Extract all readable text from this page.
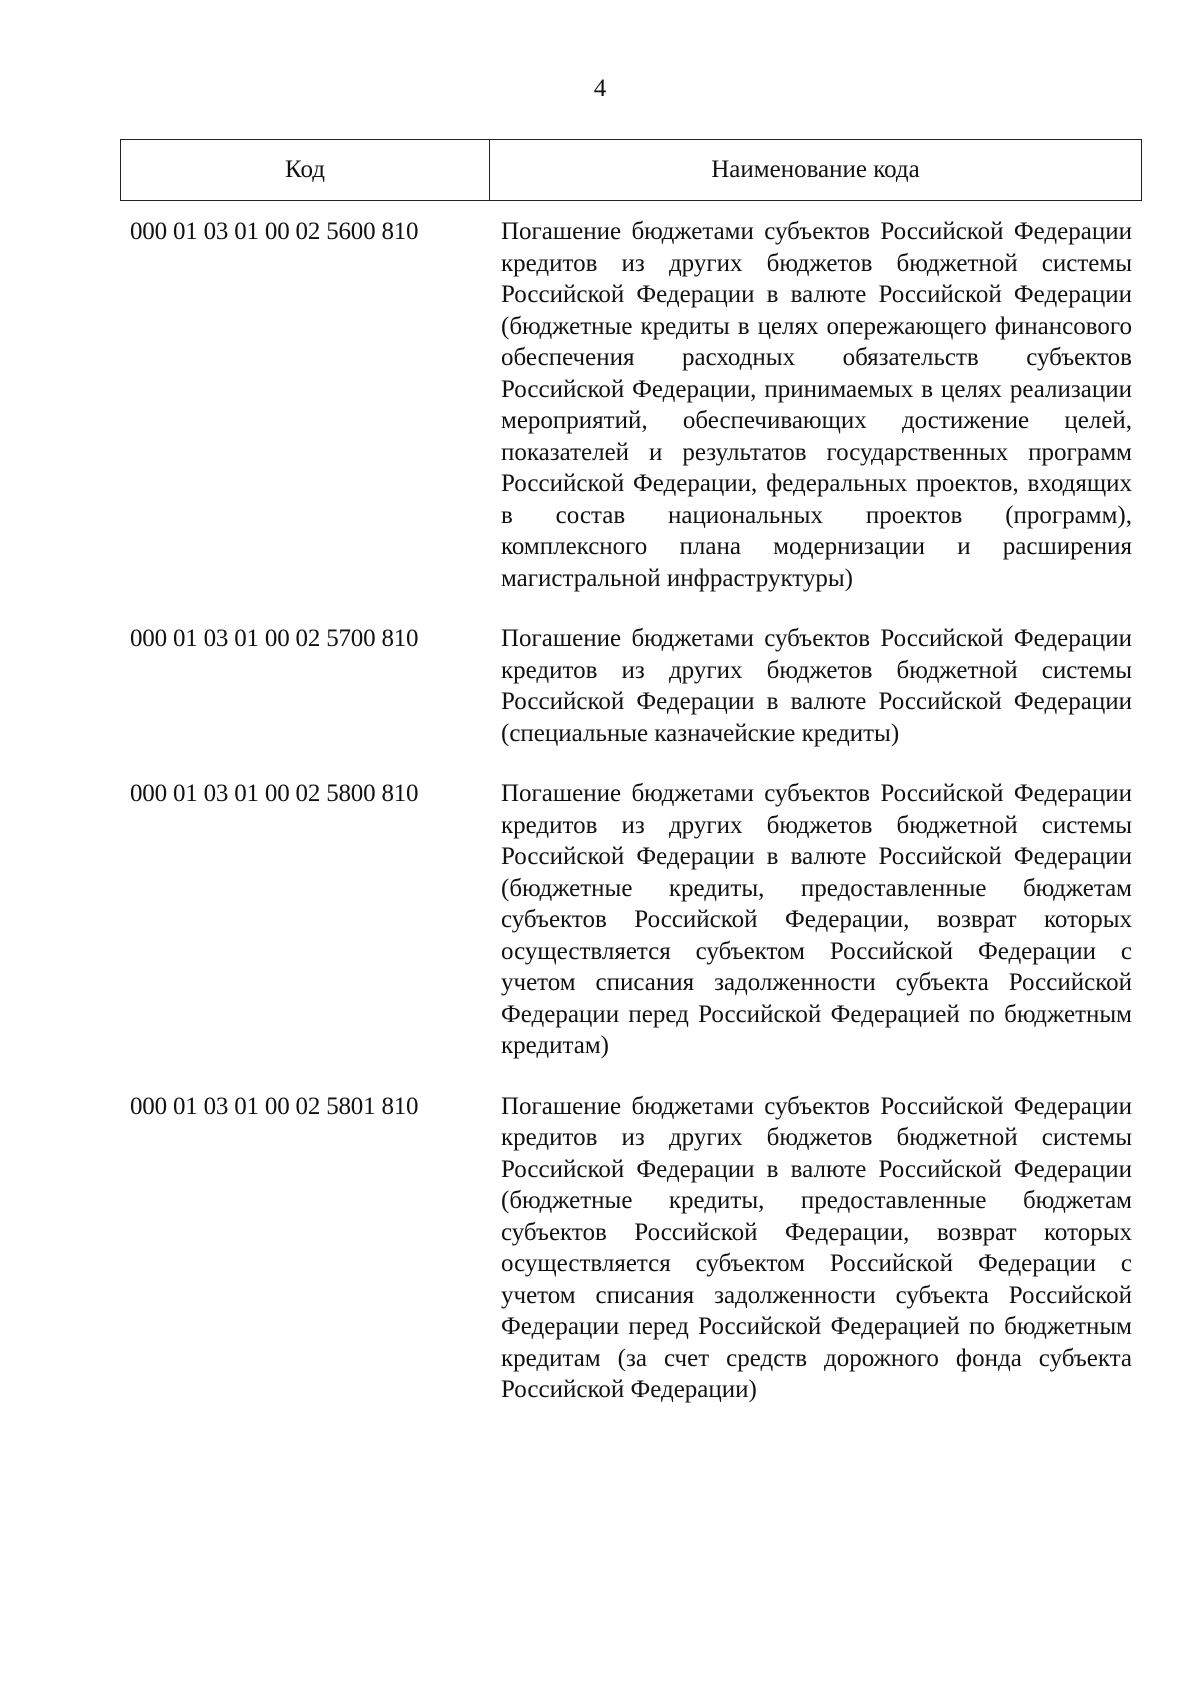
4
Код	Наименование кода
000 01 03 01 00 02 5600 810	Погашение бюджетами субъектов Российской Федерации кредитов из других бюджетов бюджетной системы Российской Федерации в валюте Российской Федерации (бюджетные кредиты в целях опережающего финансового обеспечения расходных обязательств субъектов Российской Федерации, принимаемых в целях реализации мероприятий, обеспечивающих достижение целей, показателей и результатов государственных программ Российской Федерации, федеральных проектов, входящих в состав национальных проектов (программ), комплексного плана модернизации и расширения магистральной инфраструктуры)
000 01 03 01 00 02 5700 810	Погашение бюджетами субъектов Российской Федерации кредитов из других бюджетов бюджетной системы Российской Федерации в валюте Российской Федерации (специальные казначейские кредиты)
000 01 03 01 00 02 5800 810	Погашение бюджетами субъектов Российской Федерации кредитов из других бюджетов бюджетной системы Российской Федерации в валюте Российской Федерации (бюджетные кредиты, предоставленные бюджетам субъектов Российской Федерации, возврат которых осуществляется субъектом Российской Федерации с учетом списания задолженности субъекта Российской Федерации перед Российской Федерацией по бюджетным кредитам)
000 01 03 01 00 02 5801 810	Погашение бюджетами субъектов Российской Федерации кредитов из других бюджетов бюджетной системы Российской Федерации в валюте Российской Федерации (бюджетные кредиты, предоставленные бюджетам субъектов Российской Федерации, возврат которых осуществляется субъектом Российской Федерации с учетом списания задолженности субъекта Российской Федерации перед Российской Федерацией по бюджетным кредитам (за счет средств дорожного фонда субъекта Российской Федерации)
